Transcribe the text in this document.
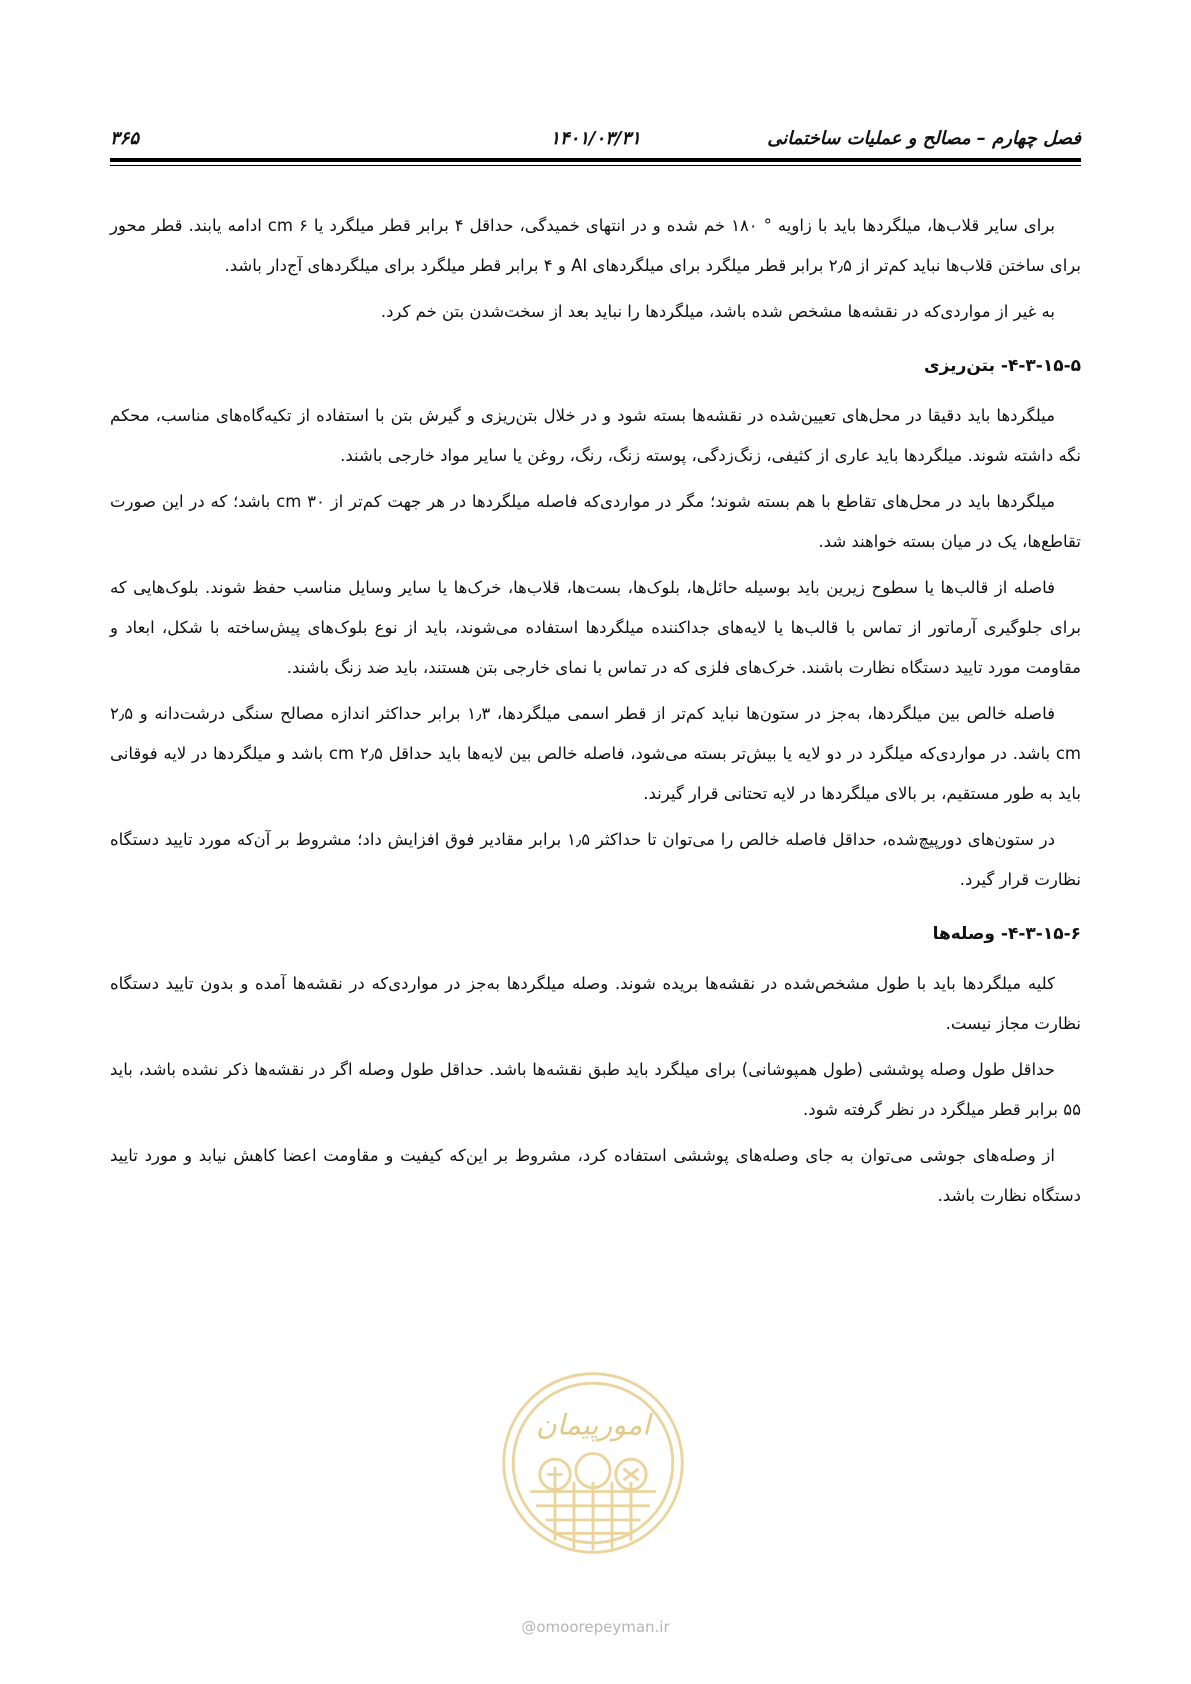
فصل چهارم – مصالح و عملیات ساختمانی
۱۴۰۱/۰۳/۳۱
۳۶۵

برای سایر قلاب‌ها، میلگردها باید با زاویه ° ۱۸۰ خم شده و در انتهای خمیدگی، حداقل ۴ برابر قطر میلگرد یا ۶ cm ادامه یابند. قطر محور برای ساختن قلاب‌ها نباید کم‌تر از ۲٫۵ برابر قطر میلگرد برای میلگردهای AI و ۴ برابر قطر میلگرد برای میلگردهای آج‌دار باشد.

به غیر از مواردی‌که در نقشه‌ها مشخص شده باشد، میلگردها را نباید بعد از سخت‌شدن بتن خم کرد.

۴-۳-۱۵-۵- بتن‌ریزی

میلگردها باید دقیقا در محل‌های تعیین‌شده در نقشه‌ها بسته شود و در خلال بتن‌ریزی و گیرش بتن با استفاده از تکیه‌گاه‌های مناسب، محکم نگه داشته شوند. میلگردها باید عاری از کثیفی، زنگ‌زدگی، پوسته زنگ، رنگ، روغن یا سایر مواد خارجی باشند.

میلگردها باید در محل‌های تقاطع با هم بسته شوند؛ مگر در مواردی‌که فاصله میلگردها در هر جهت کم‌تر از ۳۰ cm باشد؛ که در این صورت تقاطع‌ها، یک در میان بسته خواهند شد.

فاصله از قالب‌ها یا سطوح زیرین باید بوسیله حائل‌ها، بلوک‌ها، بست‌ها، قلاب‌ها، خرک‌ها یا سایر وسایل مناسب حفظ شوند. بلوک‌هایی که برای جلوگیری آرماتور از تماس با قالب‌ها یا لایه‌های جداکننده میلگردها استفاده می‌شوند، باید از نوع بلوک‌های پیش‌ساخته با شکل، ابعاد و مقاومت مورد تایید دستگاه نظارت باشند. خرک‌های فلزی که در تماس با نمای خارجی بتن هستند، باید ضد زنگ باشند.

فاصله خالص بین میلگردها، به‌جز در ستون‌ها نباید کم‌تر از قطر اسمی میلگردها، ۱٫۳ برابر حداکثر اندازه مصالح سنگی درشت‌دانه و ۲٫۵ cm باشد. در مواردی‌که میلگرد در دو لایه یا بیش‌تر بسته می‌شود، فاصله خالص بین لایه‌ها باید حداقل ۲٫۵ cm باشد و میلگردها در لایه فوقانی باید به طور مستقیم، بر بالای میلگردها در لایه تحتانی قرار گیرند.

در ستون‌های دورپیچ‌شده، حداقل فاصله خالص را می‌توان تا حداکثر ۱٫۵ برابر مقادیر فوق افزایش داد؛ مشروط بر آن‌که مورد تایید دستگاه نظارت قرار گیرد.

۴-۳-۱۵-۶- وصله‌ها

کلیه میلگردها باید با طول مشخص‌شده در نقشه‌ها بریده شوند. وصله میلگردها به‌جز در مواردی‌که در نقشه‌ها آمده و بدون تایید دستگاه نظارت مجاز نیست.

حداقل طول وصله پوششی (طول همپوشانی) برای میلگرد باید طبق نقشه‌ها باشد. حداقل طول وصله اگر در نقشه‌ها ذکر نشده باشد، باید ۵۵ برابر قطر میلگرد در نظر گرفته شود.

از وصله‌های جوشی می‌توان به جای وصله‌های پوششی استفاده کرد، مشروط بر این‌که کیفیت و مقاومت اعضا کاهش نیابد و مورد تایید دستگاه نظارت باشد.

امورپیمان
@omoorepeyman.ir
